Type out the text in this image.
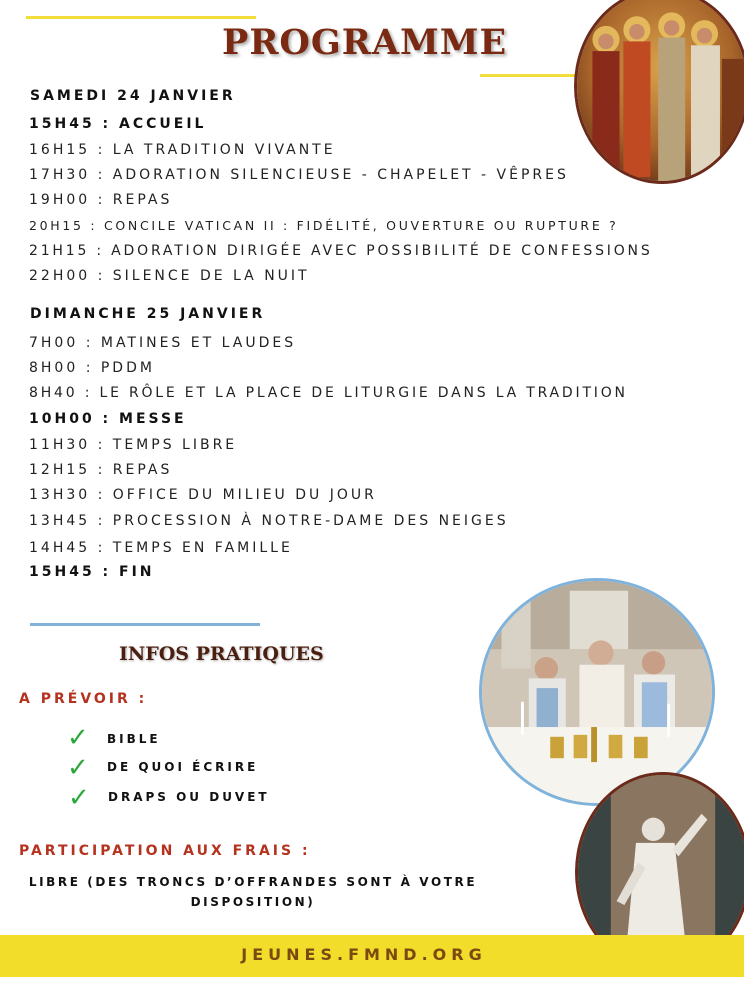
PROGRAMME
SAMEDI 24 JANVIER
15H45 : ACCUEIL
16H15 : LA TRADITION VIVANTE
17H30 : ADORATION SILENCIEUSE - CHAPELET - VÊPRES
19H00 : REPAS
20H15 : CONCILE VATICAN II : FIDÉLITÉ, OUVERTURE OU RUPTURE ?
21H15 : ADORATION DIRIGÉE AVEC POSSIBILITÉ DE CONFESSIONS
22H00 : SILENCE DE LA NUIT
DIMANCHE 25 JANVIER
7H00 : MATINES ET LAUDES
8H00 : PDDM
8H40 : LE RÔLE ET LA PLACE DE LITURGIE DANS LA TRADITION
10H00 : MESSE
11H30 : TEMPS LIBRE
12H15 : REPAS
13H30 : OFFICE DU MILIEU DU JOUR
13H45 : PROCESSION À NOTRE-DAME DES NEIGES
14H45 : TEMPS EN FAMILLE
15H45 : FIN
INFOS PRATIQUES
A PRÉVOIR :
✓ BIBLE
✓ DE QUOI ÉCRIRE
✓ DRAPS OU DUVET
PARTICIPATION AUX FRAIS :
LIBRE (DES TRONCS D’OFFRANDES SONT À VOTRE DISPOSITION)
JEUNES.FMND.ORG
